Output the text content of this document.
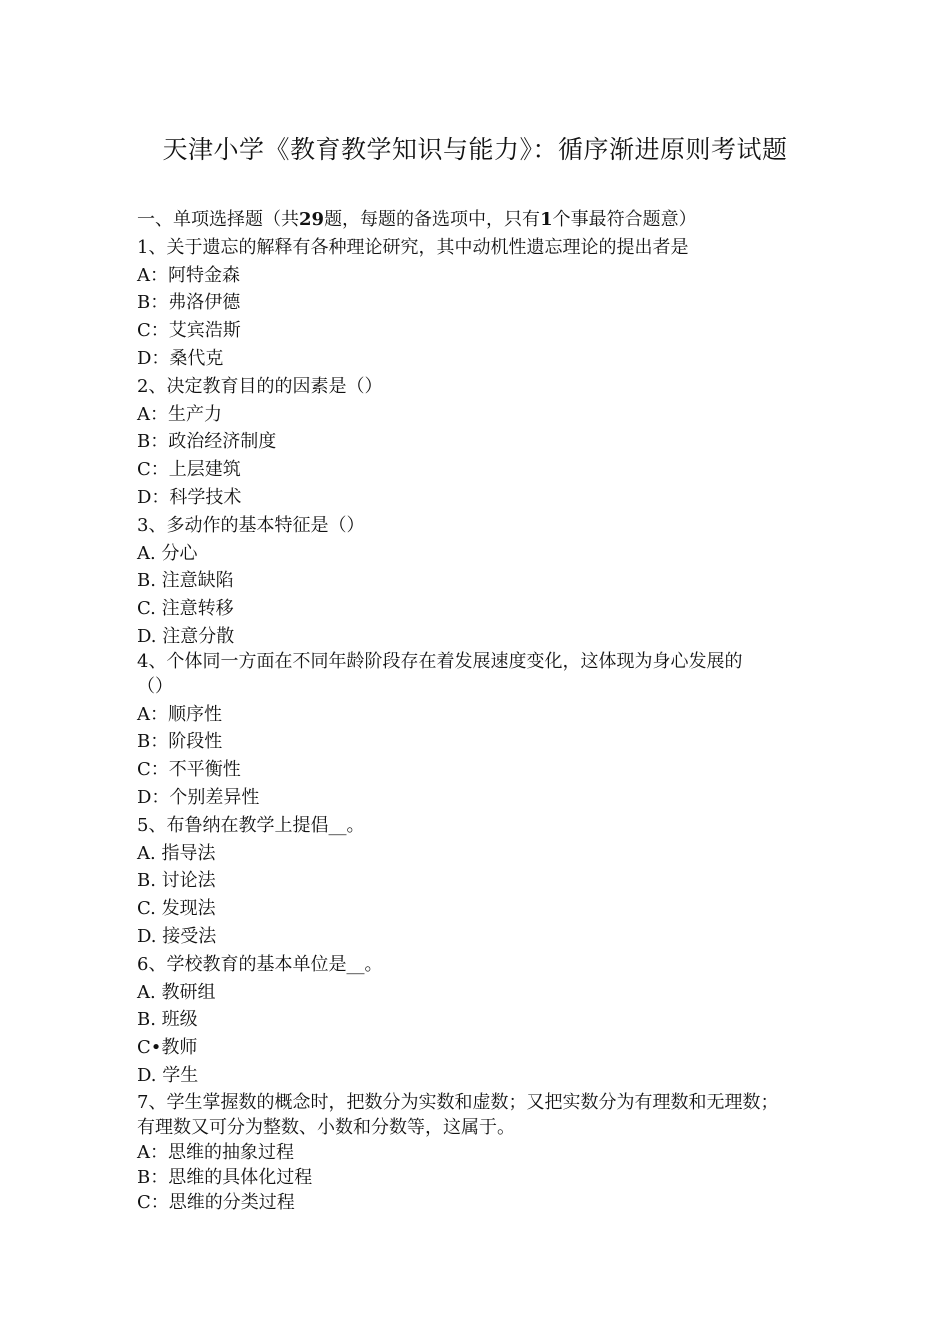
天津小学《教育教学知识与能力》：循序渐进原则考试题
一、单项选择题（共29题，每题的备选项中，只有1个事最符合题意）
1、关于遗忘的解释有各种理论研究，其中动机性遗忘理论的提出者是
A：阿特金森
B：弗洛伊德
C：艾宾浩斯
D：桑代克
2、决定教育目的的因素是（）
A：生产力
B：政治经济制度
C：上层建筑
D：科学技术
3、多动作的基本特征是（）
A. 分心
B. 注意缺陷
C. 注意转移
D. 注意分散
4、个体同一方面在不同年龄阶段存在着发展速度变化，这体现为身心发展的
（）
A：顺序性
B：阶段性
C：不平衡性
D：个别差异性
5、布鲁纳在教学上提倡__。
A. 指导法
B. 讨论法
C. 发现法
D. 接受法
6、学校教育的基本单位是__。
A. 教研组
B. 班级
C•教师
D. 学生
7、学生掌握数的概念时，把数分为实数和虚数；又把实数分为有理数和无理数；
有理数又可分为整数、小数和分数等，这属于。
A：思维的抽象过程
B：思维的具体化过程
C：思维的分类过程
